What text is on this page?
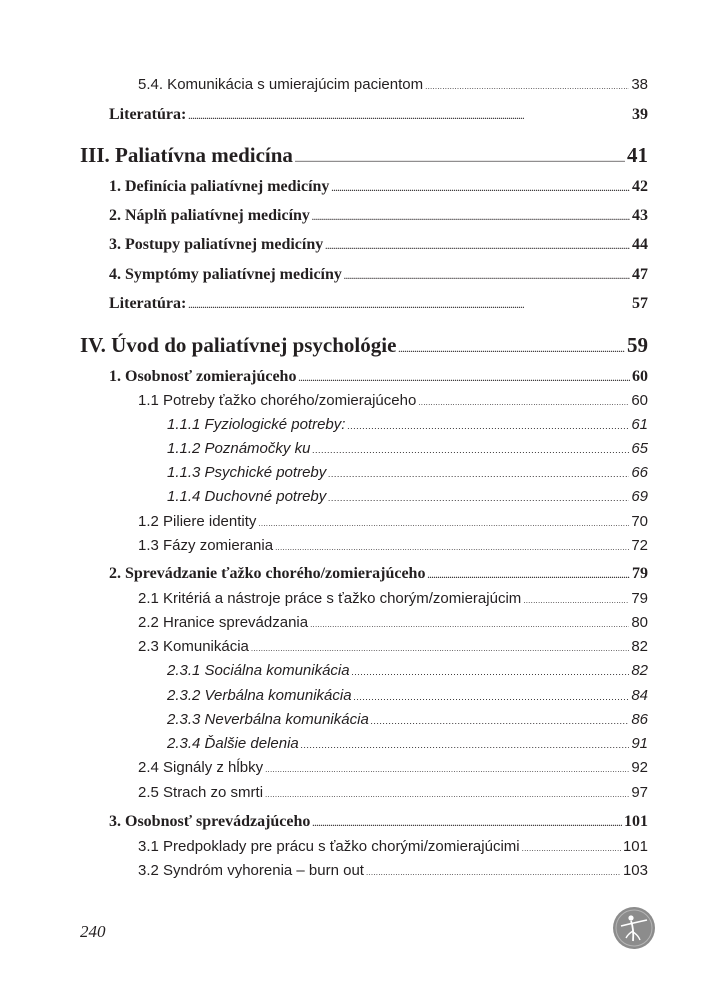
5.4. Komunikácia s umierajúcim pacientom . . .	38
Literatúra: . . .	39
III. Paliatívna medicína . . .	41
1. Definícia paliatívnej medicíny . . .	42
2. Náplň paliatívnej medicíny . . .	43
3. Postupy paliatívnej medicíny . . .	44
4. Symptómy paliatívnej medicíny . . .	47
Literatúra: . . .	57
IV. Úvod do paliatívnej psychológie . . .	59
1. Osobnosť zomierajúceho . . .	60
1.1 Potreby ťažko chorého/zomierajúceho . . .	60
1.1.1 Fyziologické potreby: . . .	61
1.1.2 Poznámočky ku . . .	65
1.1.3 Psychické potreby . . .	66
1.1.4 Duchovné potreby . . .	69
1.2 Piliere identity . . .	70
1.3 Fázy zomierania . . .	72
2. Sprevádzanie ťažko chorého/zomierajúceho . . .	79
2.1 Kritériá a nástroje práce s ťažko chorým/zomierajúcim . . .	79
2.2 Hranice sprevádzania . . .	80
2.3 Komunikácia . . .	82
2.3.1 Sociálna komunikácia . . .	82
2.3.2 Verbálna komunikácia . . .	84
2.3.3 Neverbálna komunikácia . . .	86
2.3.4 Ďalšie delenia . . .	91
2.4 Signály z hĺbky . . .	92
2.5 Strach zo smrti . . .	97
3. Osobnosť sprevádzajúceho . . .	101
3.1 Predpoklady pre prácu s ťažko chorými/zomierajúcimi . . .	101
3.2 Syndróm vyhorenia – burn out . . .	103
240
